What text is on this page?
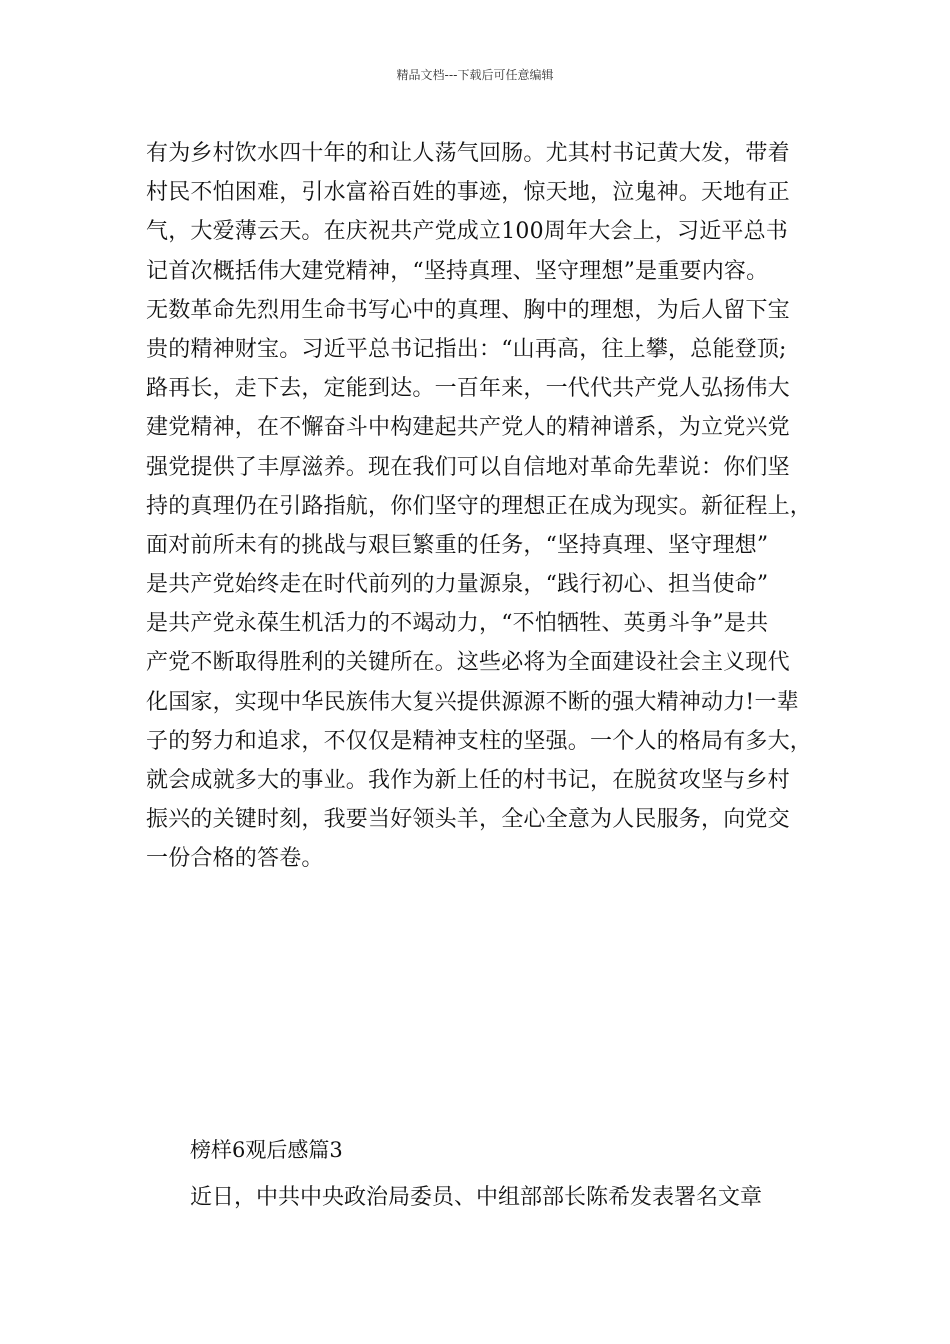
精品文档---下载后可任意编辑
有为乡村饮水四十年的和让人荡气回肠。尤其村书记黄大发，带着
村民不怕困难，引水富裕百姓的事迹，惊天地，泣鬼神。天地有正
气，大爱薄云天。在庆祝共产党成立100周年大会上，习近平总书
记首次概括伟大建党精神，“坚持真理、坚守理想”是重要内容。
无数革命先烈用生命书写心中的真理、胸中的理想，为后人留下宝
贵的精神财宝。习近平总书记指出：“山再高，往上攀，总能登顶;
路再长，走下去，定能到达。一百年来，一代代共产党人弘扬伟大
建党精神，在不懈奋斗中构建起共产党人的精神谱系，为立党兴党
强党提供了丰厚滋养。现在我们可以自信地对革命先辈说：你们坚
持的真理仍在引路指航，你们坚守的理想正在成为现实。新征程上，
面对前所未有的挑战与艰巨繁重的任务，“坚持真理、坚守理想”
是共产党始终走在时代前列的力量源泉，“践行初心、担当使命”
是共产党永葆生机活力的不竭动力，“不怕牺牲、英勇斗争”是共
产党不断取得胜利的关键所在。这些必将为全面建设社会主义现代
化国家，实现中华民族伟大复兴提供源源不断的强大精神动力!一辈
子的努力和追求，不仅仅是精神支柱的坚强。一个人的格局有多大，
就会成就多大的事业。我作为新上任的村书记，在脱贫攻坚与乡村
振兴的关键时刻，我要当好领头羊，全心全意为人民服务，向党交
一份合格的答卷。
榜样6观后感篇3
近日，中共中央政治局委员、中组部部长陈希发表署名文章
